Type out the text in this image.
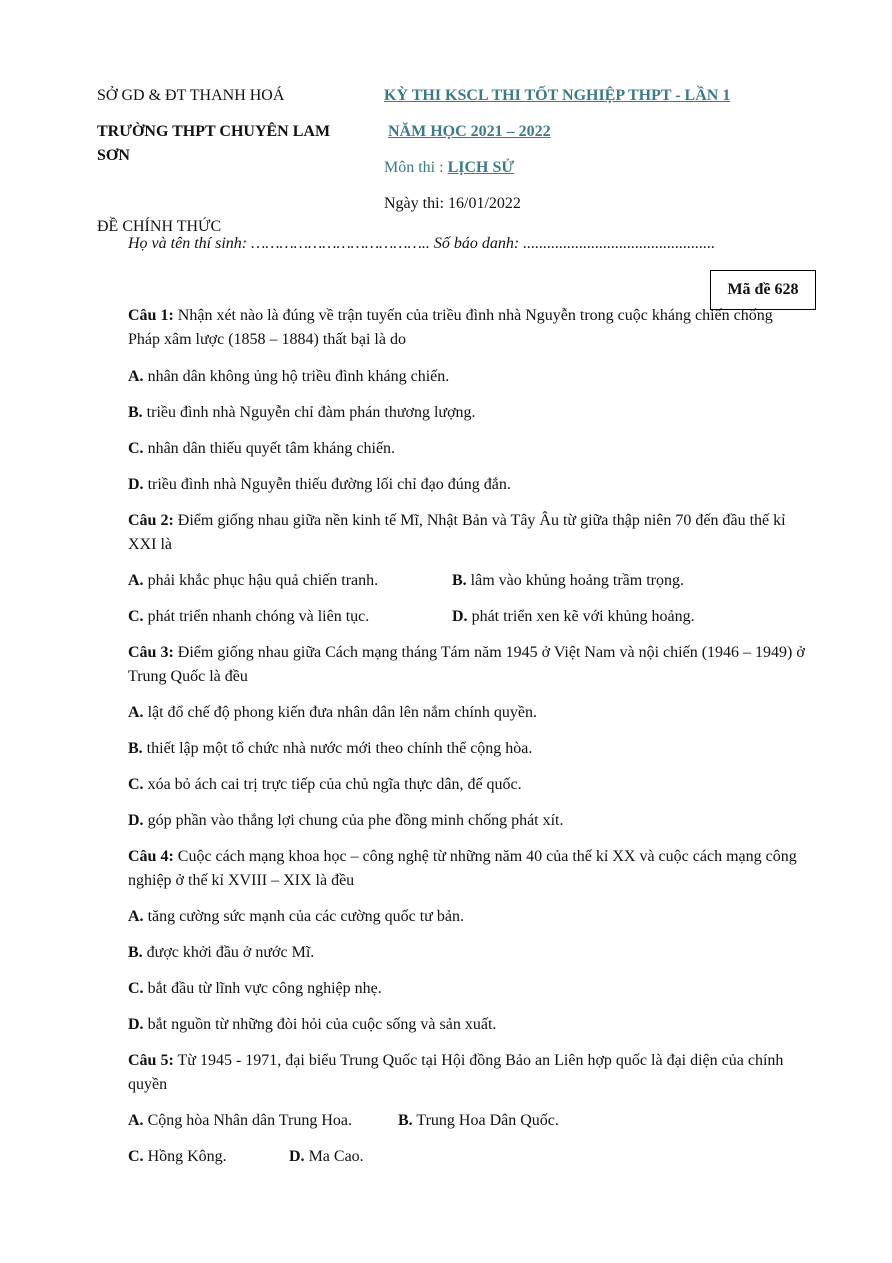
SỞ GD & ĐT THANH HOÁ
TRƯỜNG THPT CHUYÊN LAM
SƠN
ĐỀ CHÍNH THỨC
KỲ THI KSCL THI TỐT NGHIỆP THPT - LẦN 1
NĂM HỌC 2021 – 2022
Môn thi : LỊCH SỬ
Ngày thi: 16/01/2022
Họ và tên thí sinh: ……………………………….. Số báo danh: ................................................
Mã đề 628
Câu 1: Nhận xét nào là đúng về trận tuyến của triều đình nhà Nguyễn trong cuộc kháng chiến chống Pháp xâm lược (1858 – 1884) thất bại là do
A. nhân dân không ủng hộ triều đình kháng chiến.
B. triều đình nhà Nguyễn chỉ đàm phán thương lượng.
C. nhân dân thiếu quyết tâm kháng chiến.
D. triều đình nhà Nguyễn thiếu đường lối chỉ đạo đúng đắn.
Câu 2: Điểm giống nhau giữa nền kinh tế Mĩ, Nhật Bản và Tây Âu từ giữa thập niên 70 đến đầu thế kỉ XXI là
A. phải khắc phục hậu quả chiến tranh.	B. lâm vào khủng hoảng trầm trọng.
C. phát triển nhanh chóng và liên tục.	D. phát triển xen kẽ với khủng hoảng.
Câu 3: Điểm giống nhau giữa Cách mạng tháng Tám năm 1945 ở Việt Nam và nội chiến (1946 – 1949) ở Trung Quốc là đều
A. lật đổ chế độ phong kiến đưa nhân dân lên nắm chính quyền.
B. thiết lập một tổ chức nhà nước mới theo chính thể cộng hòa.
C. xóa bỏ ách cai trị trực tiếp của chủ ngĩa thực dân, đế quốc.
D. góp phần vào thắng lợi chung của phe đồng minh chống phát xít.
Câu 4: Cuộc cách mạng khoa học – công nghệ từ những năm 40 của thế kỉ XX và cuộc cách mạng công nghiệp ở thế kỉ XVIII – XIX là đều
A. tăng cường sức mạnh của các cường quốc tư bản.
B. được khởi đầu ở nước Mĩ.
C. bắt đầu từ lĩnh vực công nghiệp nhẹ.
D. bắt nguồn từ những đòi hỏi của cuộc sống và sản xuất.
Câu 5: Từ 1945 - 1971, đại biểu Trung Quốc tại Hội đồng Bảo an Liên hợp quốc là đại diện của chính quyền
A. Cộng hòa Nhân dân Trung Hoa.	B. Trung Hoa Dân Quốc.
C. Hồng Kông.	D. Ma Cao.
